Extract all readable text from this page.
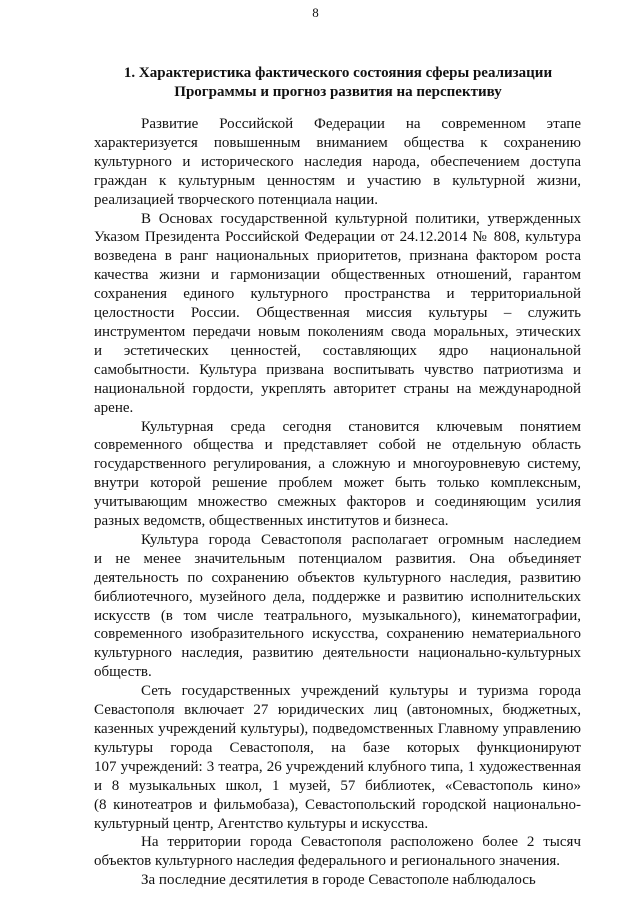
8
1. Характеристика фактического состояния сферы реализации
Программы и прогноз развития на перспективу

Развитие Российской Федерации на современном этапе
характеризуется повышенным вниманием общества к сохранению
культурного и исторического наследия народа, обеспечением доступа
граждан к культурным ценностям и участию в культурной жизни,
реализацией творческого потенциала нации.

В Основах государственной культурной политики, утвержденных
Указом Президента Российской Федерации от 24.12.2014 № 808, культура
возведена в ранг национальных приоритетов, признана фактором роста
качества жизни и гармонизации общественных отношений, гарантом
сохранения единого культурного пространства и территориальной
целостности России. Общественная миссия культуры – служить
инструментом передачи новым поколениям свода моральных, этических
и эстетических ценностей, составляющих ядро национальной
самобытности. Культура призвана воспитывать чувство патриотизма и
национальной гордости, укреплять авторитет страны на международной
арене.

Культурная среда сегодня становится ключевым понятием
современного общества и представляет собой не отдельную область
государственного регулирования, а сложную и многоуровневую систему,
внутри которой решение проблем может быть только комплексным,
учитывающим множество смежных факторов и соединяющим усилия
разных ведомств, общественных институтов и бизнеса.

Культура города Севастополя располагает огромным наследием
и не менее значительным потенциалом развития. Она объединяет
деятельность по сохранению объектов культурного наследия, развитию
библиотечного, музейного дела, поддержке и развитию исполнительских
искусств (в том числе театрального, музыкального), кинематографии,
современного изобразительного искусства, сохранению нематериального
культурного наследия, развитию деятельности национально-культурных
обществ.

Сеть государственных учреждений культуры и туризма города
Севастополя включает 27 юридических лиц (автономных, бюджетных,
казенных учреждений культуры), подведомственных Главному управлению
культуры города Севастополя, на базе которых функционируют
107 учреждений: 3 театра, 26 учреждений клубного типа, 1 художественная
и 8 музыкальных школ, 1 музей, 57 библиотек, «Севастополь кино»
(8 кинотеатров и фильмобаза), Севастопольский городской национально-
культурный центр, Агентство культуры и искусства.

На территории города Севастополя расположено более 2 тысяч
объектов культурного наследия федерального и регионального значения.

За последние десятилетия в городе Севастополе наблюдалось
